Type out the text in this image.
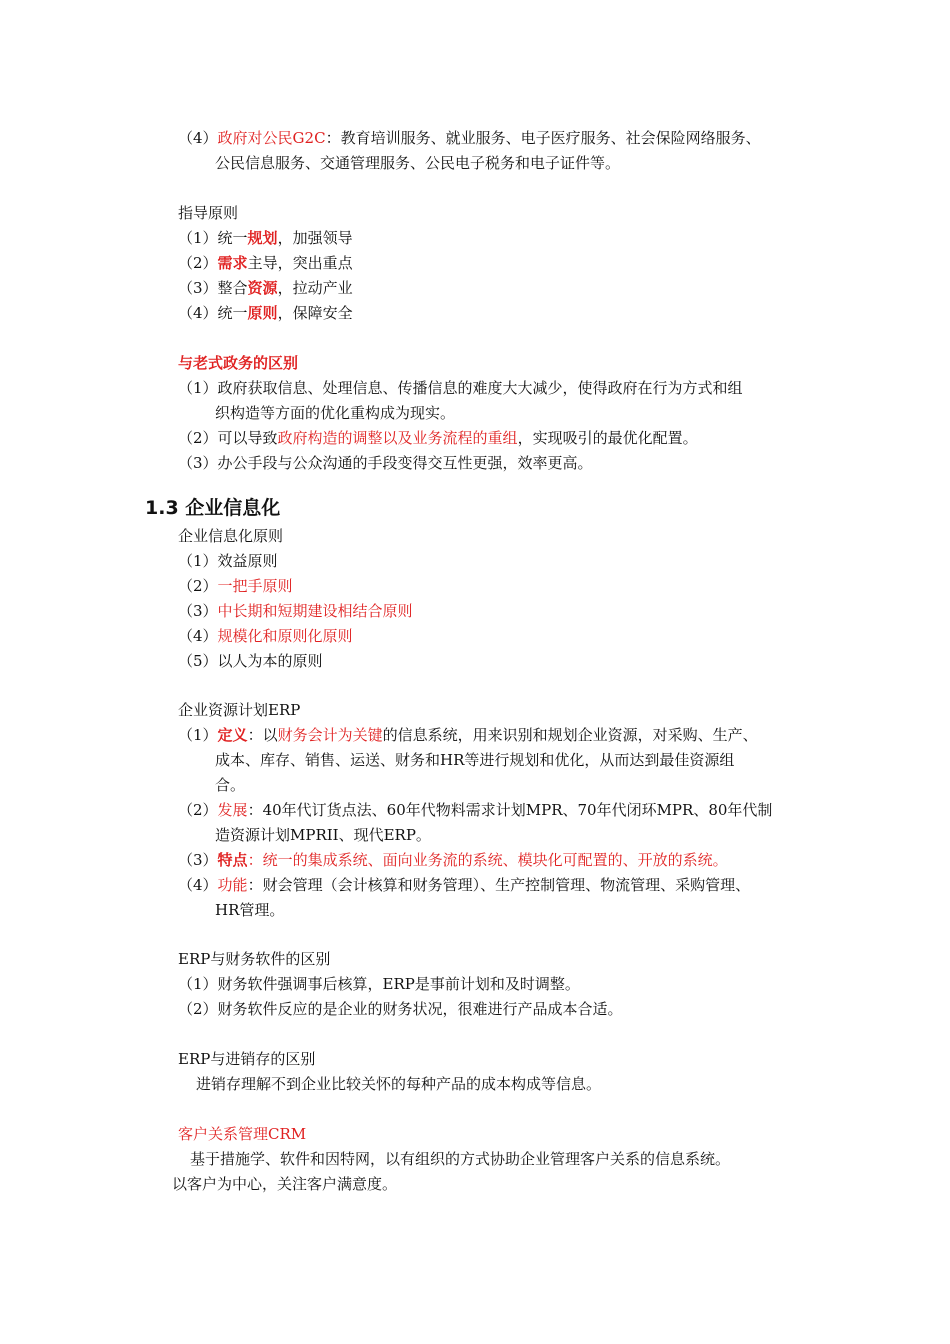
（4）政府对公民G2C：教育培训服务、就业服务、电子医疗服务、社会保险网络服务、
公民信息服务、交通管理服务、公民电子税务和电子证件等。
指导原则
（1）统一规划，加强领导
（2）需求主导，突出重点
（3）整合资源，拉动产业
（4）统一原则，保障安全
与老式政务的区别
（1）政府获取信息、处理信息、传播信息的难度大大减少，使得政府在行为方式和组
织构造等方面的优化重构成为现实。
（2）可以导致政府构造的调整以及业务流程的重组，实现吸引的最优化配置。
（3）办公手段与公众沟通的手段变得交互性更强，效率更高。
1.3 企业信息化
企业信息化原则
（1）效益原则
（2）一把手原则
（3）中长期和短期建设相结合原则
（4）规模化和原则化原则
（5）以人为本的原则
企业资源计划ERP
（1）定义：以财务会计为关键的信息系统，用来识别和规划企业资源，对采购、生产、
成本、库存、销售、运送、财务和HR等进行规划和优化，从而达到最佳资源组
合。
（2）发展：40年代订货点法、60年代物料需求计划MPR、70年代闭环MPR、80年代制
造资源计划MPRII、现代ERP。
（3）特点：统一的集成系统、面向业务流的系统、模块化可配置的、开放的系统。
（4）功能：财会管理（会计核算和财务管理）、生产控制管理、物流管理、采购管理、
HR管理。
ERP与财务软件的区别
（1）财务软件强调事后核算，ERP是事前计划和及时调整。
（2）财务软件反应的是企业的财务状况，很难进行产品成本合适。
ERP与进销存的区别
进销存理解不到企业比较关怀的每种产品的成本构成等信息。
客户关系管理CRM
基于措施学、软件和因特网，以有组织的方式协助企业管理客户关系的信息系统。
以客户为中心，关注客户满意度。
